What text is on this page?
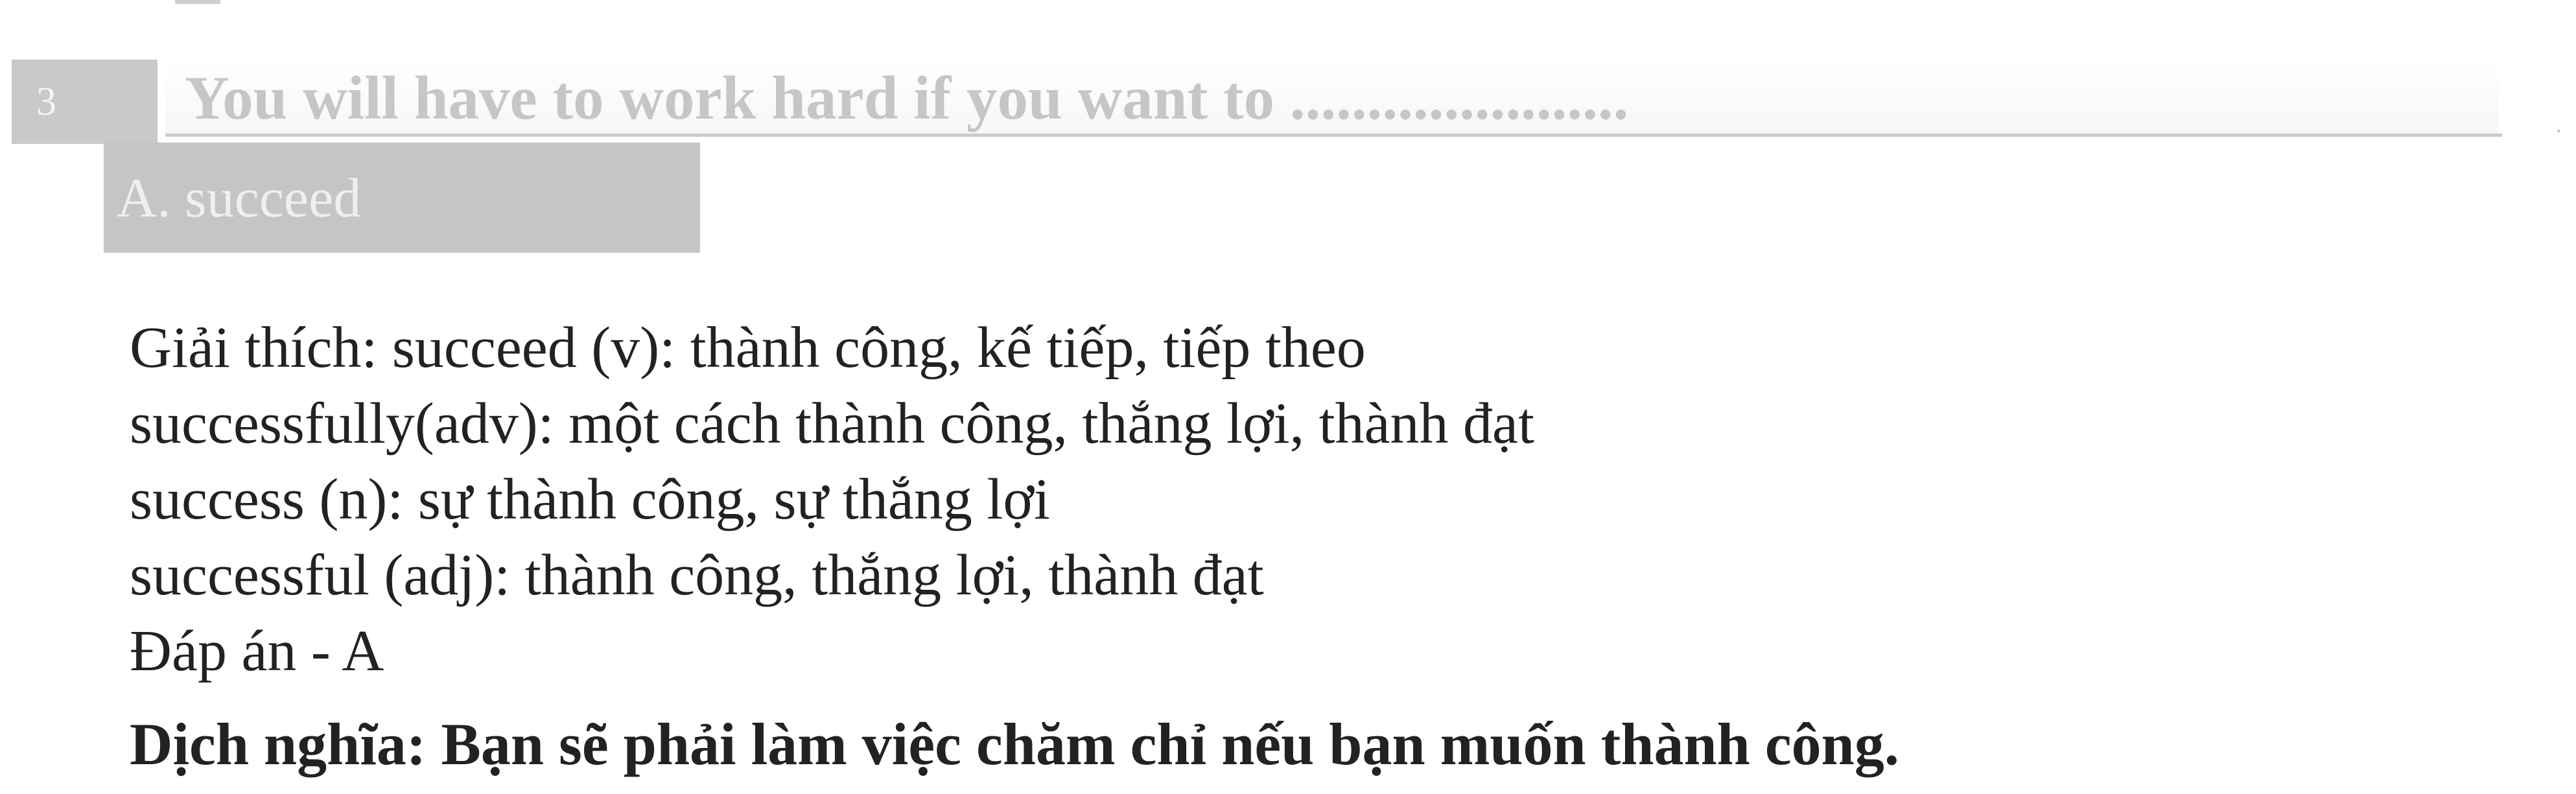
3	You will have to work hard if you want to ......................
A. succeed
Giải thích: succeed (v): thành công, kế tiếp, tiếp theo
successfully(adv): một cách thành công, thắng lợi, thành đạt
success (n): sự thành công, sự thắng lợi
successful (adj): thành công, thắng lợi, thành đạt
Đáp án - A
Dịch nghĩa: Bạn sẽ phải làm việc chăm chỉ nếu bạn muốn thành công.
